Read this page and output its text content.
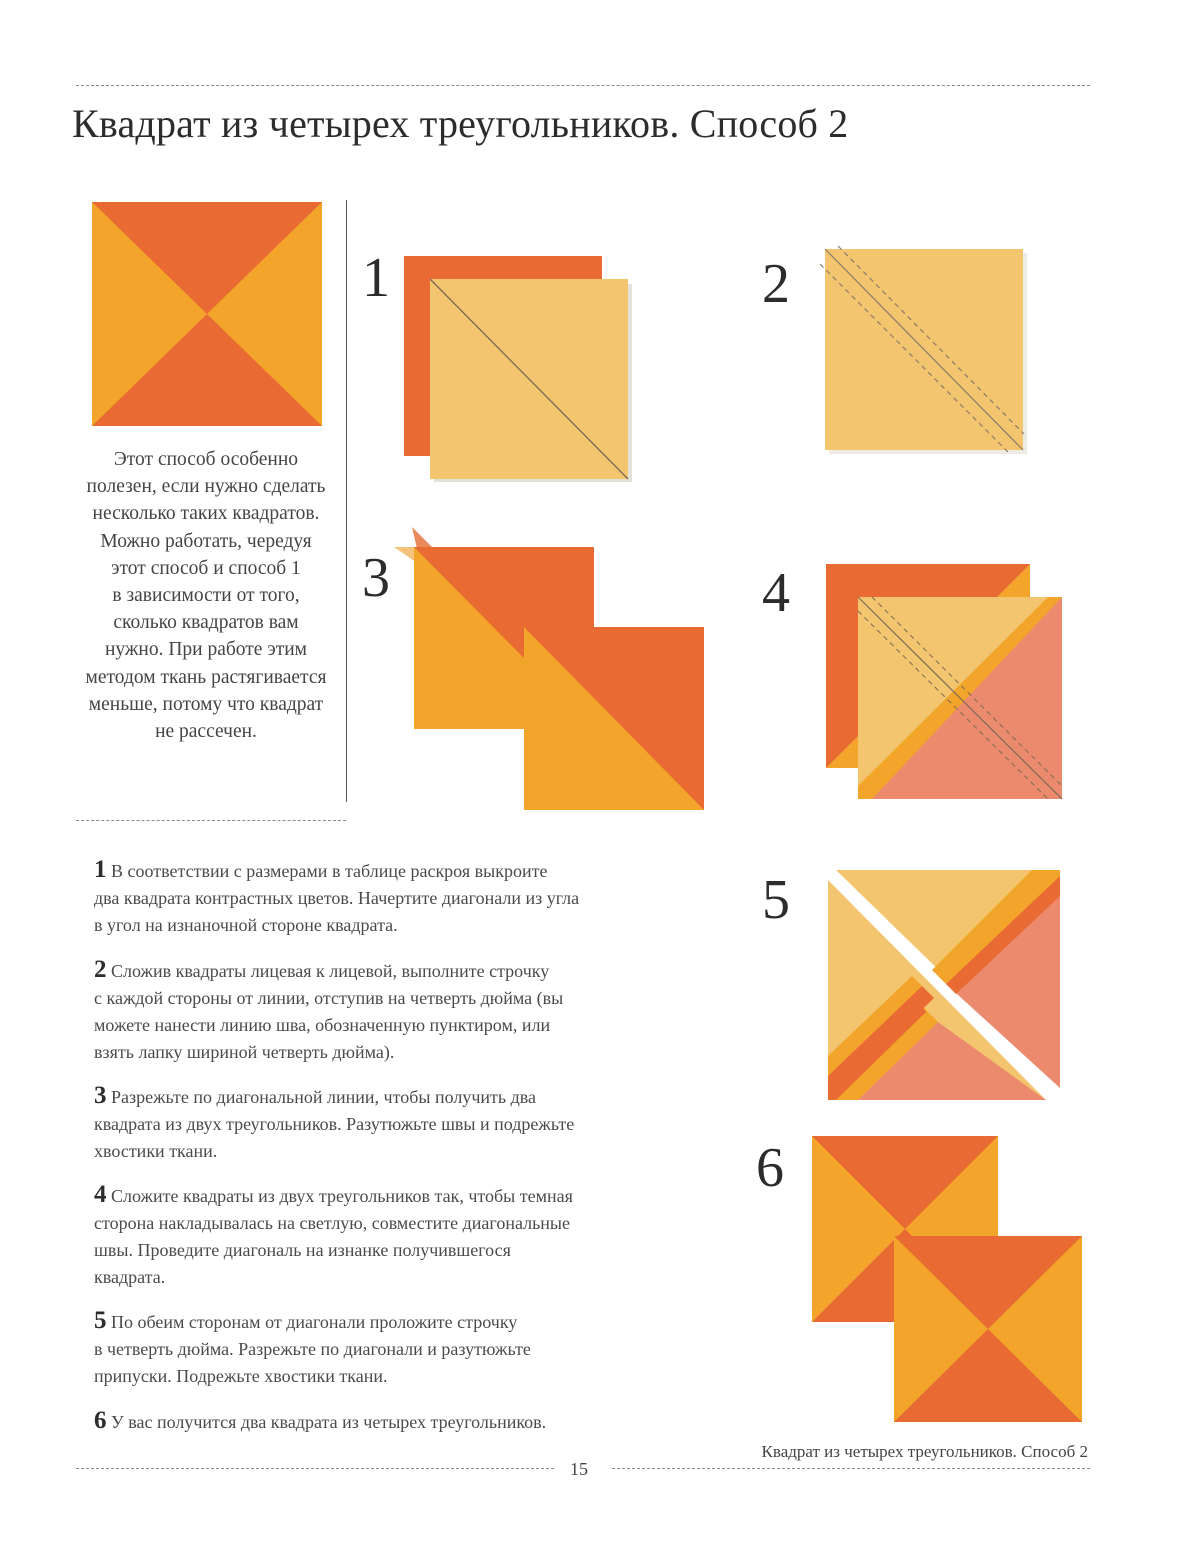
Квадрат из четырех треугольников. Способ 2
Этот способ особенно
полезен, если нужно сделать
несколько таких квадратов.
Можно работать, чередуя
этот способ и способ 1
в зависимости от того,
сколько квадратов вам
нужно. При работе этим
методом ткань растягивается
меньше, потому что квадрат
не рассечен.
1	2
3	4
5
6
1 В соответствии с размерами в таблице раскроя выкроите
два квадрата контрастных цветов. Начертите диагонали из угла
в угол на изнаночной стороне квадрата.
2 Сложив квадраты лицевая к лицевой, выполните строчку
с каждой стороны от линии, отступив на четверть дюйма (вы
можете нанести линию шва, обозначенную пунктиром, или
взять лапку шириной четверть дюйма).
3 Разрежьте по диагональной линии, чтобы получить два
квадрата из двух треугольников. Разутюжьте швы и подрежьте
хвостики ткани.
4 Сложите квадраты из двух треугольников так, чтобы темная
сторона накладывалась на светлую, совместите диагональные
швы. Проведите диагональ на изнанке получившегося
квадрата.
5 По обеим сторонам от диагонали проложите строчку
в четверть дюйма. Разрежьте по диагонали и разутюжьте
припуски. Подрежьте хвостики ткани.
6 У вас получится два квадрата из четырех треугольников.
Квадрат из четырех треугольников. Способ 2
15
